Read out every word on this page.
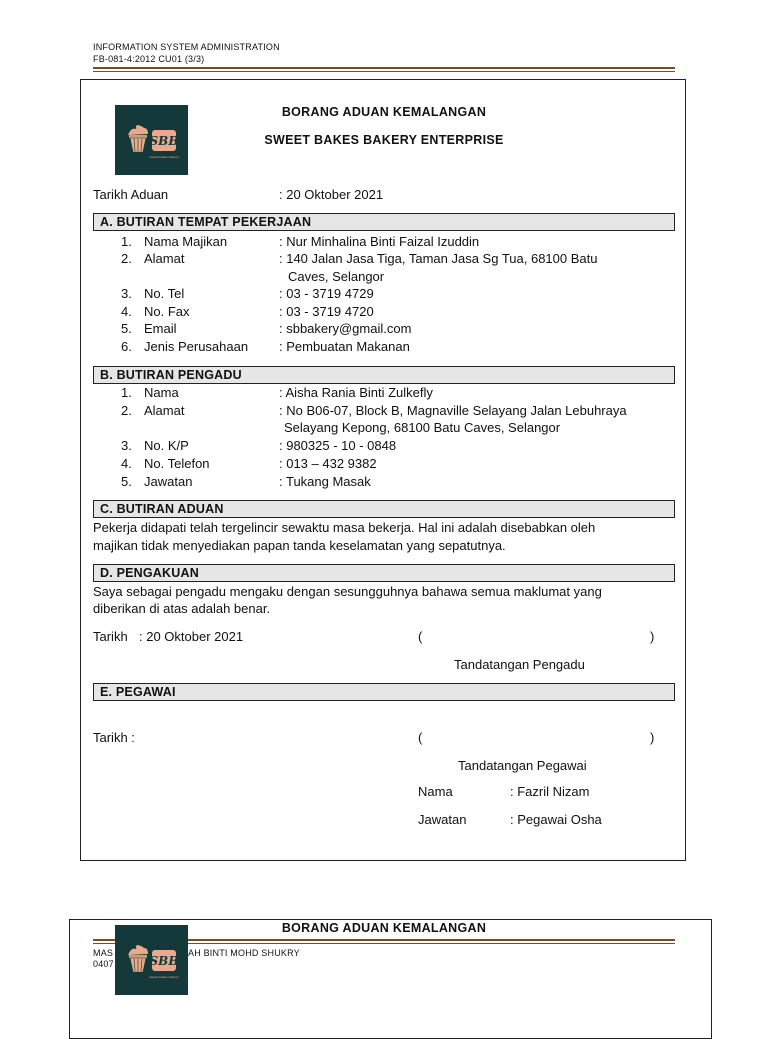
INFORMATION SYSTEM ADMINISTRATION
FB-081-4:2012 CU01 (3/3)
SBB
sweet bakes bakery
BORANG ADUAN KEMALANGAN
SWEET BAKES BAKERY ENTERPRISE
Tarikh Aduan	: 20 Oktober 2021
A. BUTIRAN TEMPAT PEKERJAAN
1. Nama Majikan	: Nur Minhalina Binti Faizal Izuddin
2. Alamat	: 140 Jalan Jasa Tiga, Taman Jasa Sg Tua, 68100 Batu
Caves, Selangor
3. No. Tel	: 03 - 3719 4729
4. No. Fax	: 03 - 3719 4720
5. Email	: sbbakery@gmail.com
6. Jenis Perusahaan : Pembuatan Makanan
B. BUTIRAN PENGADU
1. Nama	: Aisha Rania Binti Zulkefly
2. Alamat	: No B06-07, Block B, Magnaville Selayang Jalan Lebuhraya
Selayang Kepong, 68100 Batu Caves, Selangor
3. No. K/P	: 980325 - 10 - 0848
4. No. Telefon	: 013 – 432 9382
5. Jawatan	: Tukang Masak
C. BUTIRAN ADUAN
Pekerja didapati telah tergelincir sewaktu masa bekerja. Hal ini adalah disebabkan oleh
majikan tidak menyediakan papan tanda keselamatan yang sepatutnya.
D. PENGAKUAN
Saya sebagai pengadu mengaku dengan sesungguhnya bahawa semua maklumat yang
diberikan di atas adalah benar.
Tarikh : 20 Oktober 2021	(	)
Tandatangan Pengadu
E. PEGAWAI
Tarikh :	(	)
Tandatangan Pegawai
Nama	: Fazril Nizam
Jawatan	: Pegawai Osha
BORANG ADUAN KEMALANGAN
MAS	AH BINTI MOHD SHUKRY
0407	SBB
sweet bakes bakery
